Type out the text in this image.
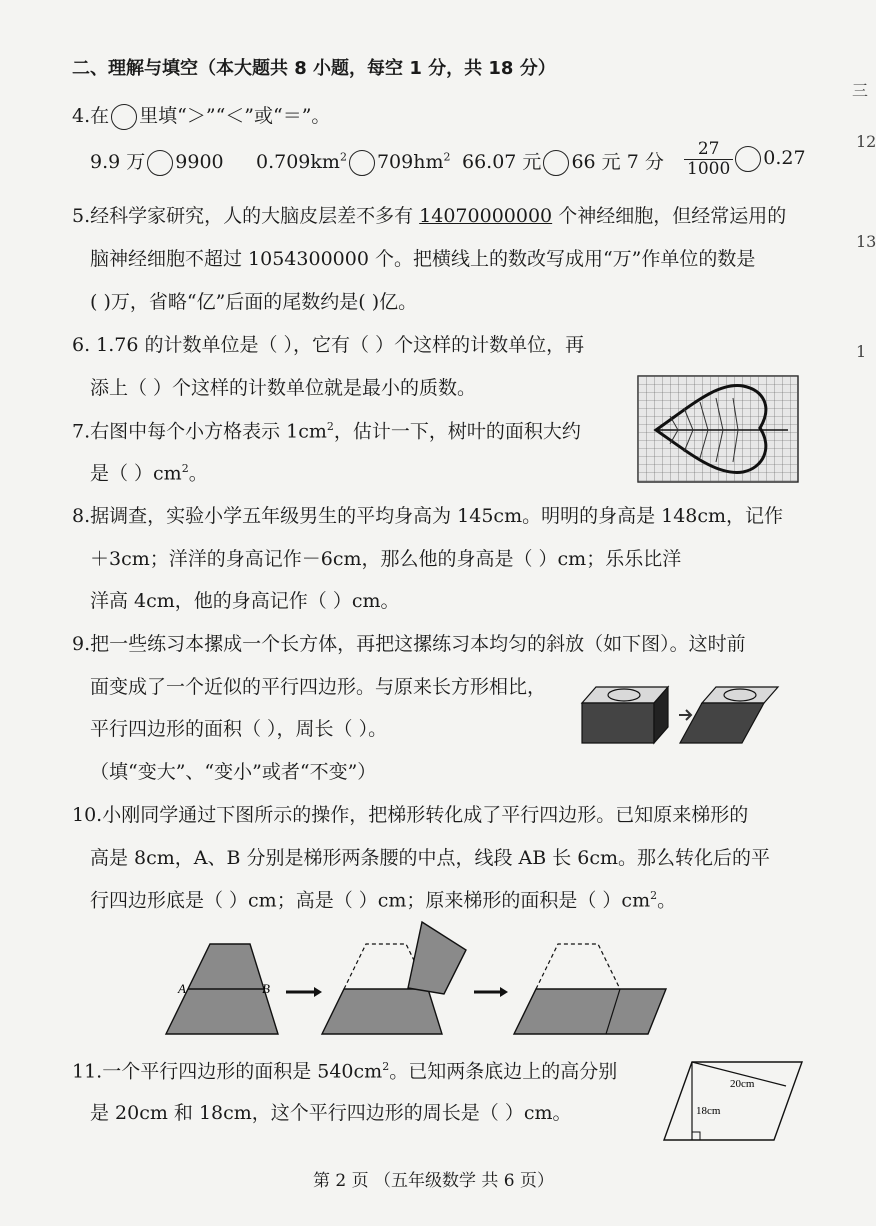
二、理解与填空（本大题共 8 小题，每空 1 分，共 18 分）
4.在 里填“＞”“＜”或“＝”。
9.9 万 9900 $0.709km^2$ $709hm^2$ 66.07 元 66 元 7 分 $\frac{27}{1000} 0.27$
5.经科学家研究，人的大脑皮层差不多有 14070000000 个神经细胞，但经常运用的
脑神经细胞不超过 1054300000 个。把横线上的数改写成用“万”作单位的数是
( )万，省略“亿”后面的尾数约是( )亿。
6. 1.76 的计数单位是（ ），它有（ ）个这样的计数单位，再
添上（ ）个这样的计数单位就是最小的质数。
7.右图中每个小方格表示 $1cm^2$，估计一下，树叶的面积大约
是（ ）$cm^2$。
8.据调查，实验小学五年级男生的平均身高为 145cm。明明的身高是 148cm，记作
＋3cm；洋洋的身高记作－6cm，那么他的身高是（ ）cm；乐乐比洋
洋高 4cm，他的身高记作（ ）cm。
9.把一些练习本摞成一个长方体，再把这摞练习本均匀的斜放（如下图）。这时前
面变成了一个近似的平行四边形。与原来长方形相比，
平行四边形的面积（ ），周长（ ）。
（填“变大”、“变小”或者“不变”）
10.小刚同学通过下图所示的操作，把梯形转化成了平行四边形。已知原来梯形的
高是 8cm，A、B 分别是梯形两条腰的中点，线段 AB 长 6cm。那么转化后的平
行四边形底是（ ）cm；高是（ ）cm；原来梯形的面积是（ ）$cm^2$。
A	B
11.一个平行四边形的面积是 $540cm^2$。已知两条底边上的高分别
是 20cm 和 18cm，这个平行四边形的周长是（ ）cm。
20cm
18cm
三
12
13
1
第 2 页 （五年级数学 共 6 页）
